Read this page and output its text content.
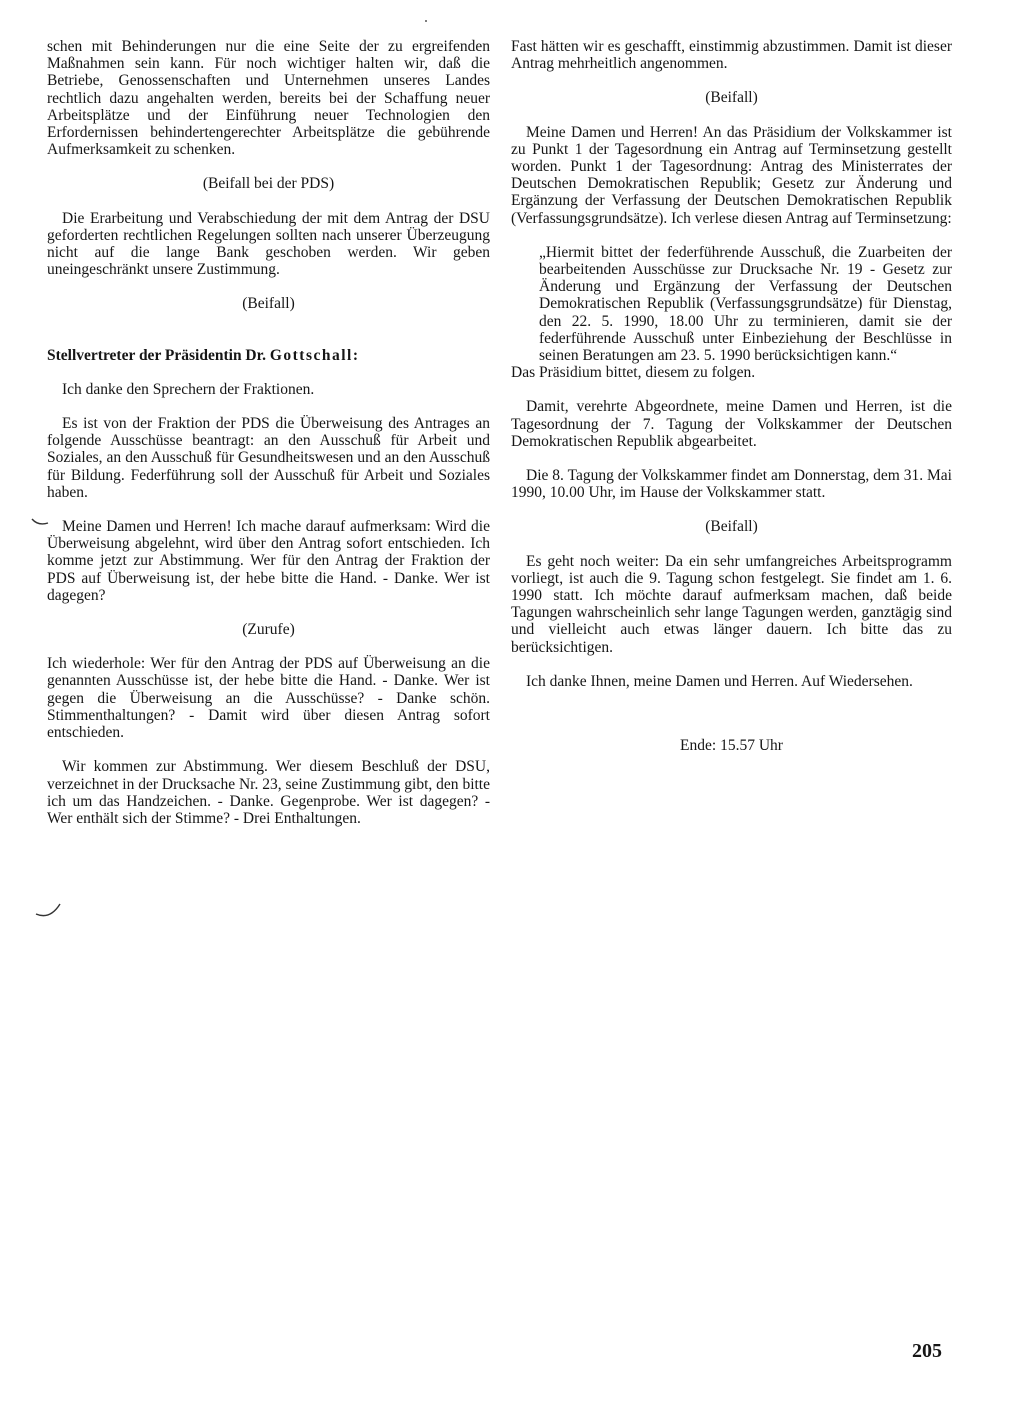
schen mit Behinderungen nur die eine Seite der zu ergreifenden Maßnahmen sein kann. Für noch wichtiger halten wir, daß die Betriebe, Genossenschaften und Unternehmen unseres Landes rechtlich dazu angehalten werden, bereits bei der Schaffung neuer Arbeitsplätze und der Einführung neuer Technologien den Erfordernissen behindertengerechter Arbeitsplätze die gebührende Aufmerksamkeit zu schenken.

(Beifall bei der PDS)

Die Erarbeitung und Verabschiedung der mit dem Antrag der DSU geforderten rechtlichen Regelungen sollten nach unserer Überzeugung nicht auf die lange Bank geschoben werden. Wir geben uneingeschränkt unsere Zustimmung.

(Beifall)

Stellvertreter der Präsidentin Dr. Gottschall:

Ich danke den Sprechern der Fraktionen.

Es ist von der Fraktion der PDS die Überweisung des Antrages an folgende Ausschüsse beantragt: an den Ausschuß für Arbeit und Soziales, an den Ausschuß für Gesundheitswesen und an den Ausschuß für Bildung. Federführung soll der Ausschuß für Arbeit und Soziales haben.

Meine Damen und Herren! Ich mache darauf aufmerksam: Wird die Überweisung abgelehnt, wird über den Antrag sofort entschieden. Ich komme jetzt zur Abstimmung. Wer für den Antrag der Fraktion der PDS auf Überweisung ist, der hebe bitte die Hand. - Danke. Wer ist dagegen?

(Zurufe)

Ich wiederhole: Wer für den Antrag der PDS auf Überweisung an die genannten Ausschüsse ist, der hebe bitte die Hand. - Danke. Wer ist gegen die Überweisung an die Ausschüsse? - Danke schön. Stimmenthaltungen? - Damit wird über diesen Antrag sofort entschieden.

Wir kommen zur Abstimmung. Wer diesem Beschluß der DSU, verzeichnet in der Drucksache Nr. 23, seine Zustimmung gibt, den bitte ich um das Handzeichen. - Danke. Gegenprobe. Wer ist dagegen? - Wer enthält sich der Stimme? - Drei Enthaltungen.

Fast hätten wir es geschafft, einstimmig abzustimmen. Damit ist dieser Antrag mehrheitlich angenommen.

(Beifall)

Meine Damen und Herren! An das Präsidium der Volkskammer ist zu Punkt 1 der Tagesordnung ein Antrag auf Terminsetzung gestellt worden. Punkt 1 der Tagesordnung: Antrag des Ministerrates der Deutschen Demokratischen Republik; Gesetz zur Änderung und Ergänzung der Verfassung der Deutschen Demokratischen Republik (Verfassungsgrundsätze). Ich verlese diesen Antrag auf Terminsetzung:

„Hiermit bittet der federführende Ausschuß, die Zuarbeiten der bearbeitenden Ausschüsse zur Drucksache Nr. 19 - Gesetz zur Änderung und Ergänzung der Verfassung der Deutschen Demokratischen Republik (Verfassungsgrundsätze) für Dienstag, den 22. 5. 1990, 18.00 Uhr zu terminieren, damit sie der federführende Ausschuß unter Einbeziehung der Beschlüsse in seinen Beratungen am 23. 5. 1990 berücksichtigen kann.“

Das Präsidium bittet, diesem zu folgen.

Damit, verehrte Abgeordnete, meine Damen und Herren, ist die Tagesordnung der 7. Tagung der Volkskammer der Deutschen Demokratischen Republik abgearbeitet.

Die 8. Tagung der Volkskammer findet am Donnerstag, dem 31. Mai 1990, 10.00 Uhr, im Hause der Volkskammer statt.

(Beifall)

Es geht noch weiter: Da ein sehr umfangreiches Arbeitsprogramm vorliegt, ist auch die 9. Tagung schon festgelegt. Sie findet am 1. 6. 1990 statt. Ich möchte darauf aufmerksam machen, daß beide Tagungen wahrscheinlich sehr lange Tagungen werden, ganztägig sind und vielleicht auch etwas länger dauern. Ich bitte das zu berücksichtigen.

Ich danke Ihnen, meine Damen und Herren. Auf Wiedersehen.

Ende: 15.57 Uhr

205
